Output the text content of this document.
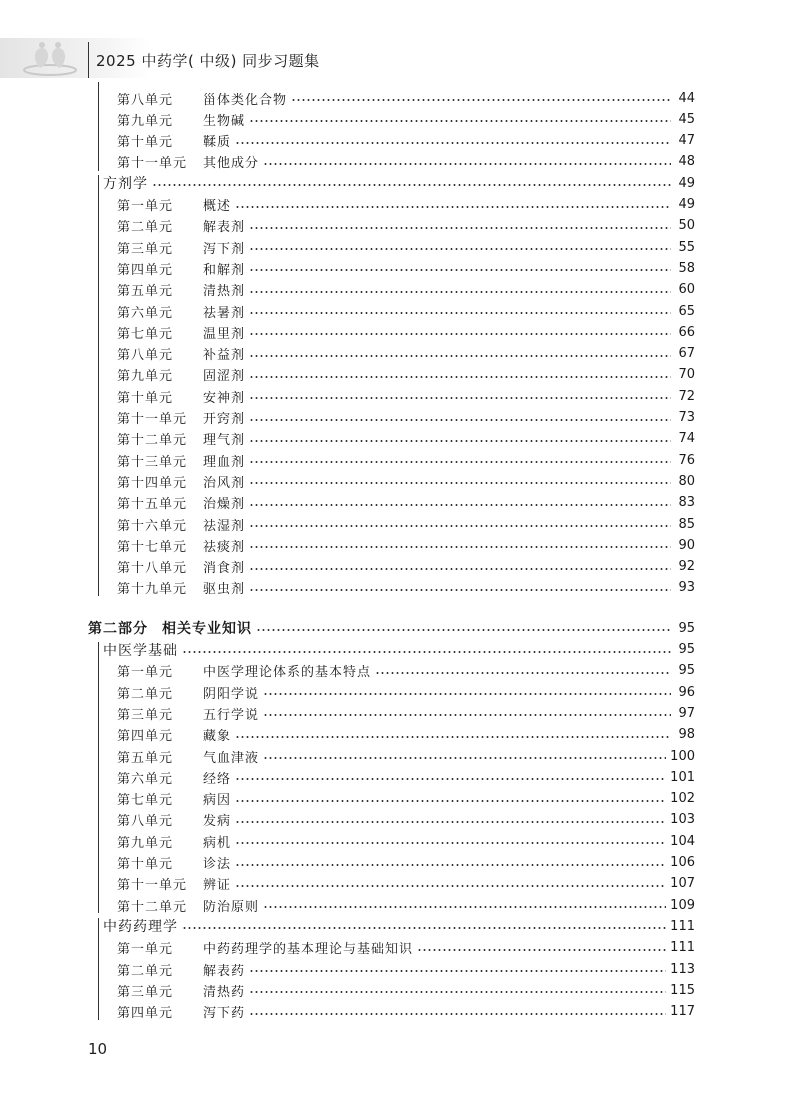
2025 中药学( 中级) 同步习题集
第八单元 甾体类化合物	44
第九单元 生物碱	45
第十单元 鞣质	47
第十一单元 其他成分	48
方剂学	49
第一单元 概述	49
第二单元 解表剂	50
第三单元 泻下剂	55
第四单元 和解剂	58
第五单元 清热剂	60
第六单元 祛暑剂	65
第七单元 温里剂	66
第八单元 补益剂	67
第九单元 固涩剂	70
第十单元 安神剂	72
第十一单元 开窍剂	73
第十二单元 理气剂	74
第十三单元 理血剂	76
第十四单元 治风剂	80
第十五单元 治燥剂	83
第十六单元 祛湿剂	85
第十七单元 祛痰剂	90
第十八单元 消食剂	92
第十九单元 驱虫剂	93
第二部分 相关专业知识	95
中医学基础	95
第一单元 中医学理论体系的基本特点	95
第二单元 阴阳学说	96
第三单元 五行学说	97
第四单元 藏象	98
第五单元 气血津液	100
第六单元 经络	101
第七单元 病因	102
第八单元 发病	103
第九单元 病机	104
第十单元 诊法	106
第十一单元 辨证	107
第十二单元 防治原则	109
中药药理学	111
第一单元 中药药理学的基本理论与基础知识	111
第二单元 解表药	113
第三单元 清热药	115
第四单元 泻下药	117
10
